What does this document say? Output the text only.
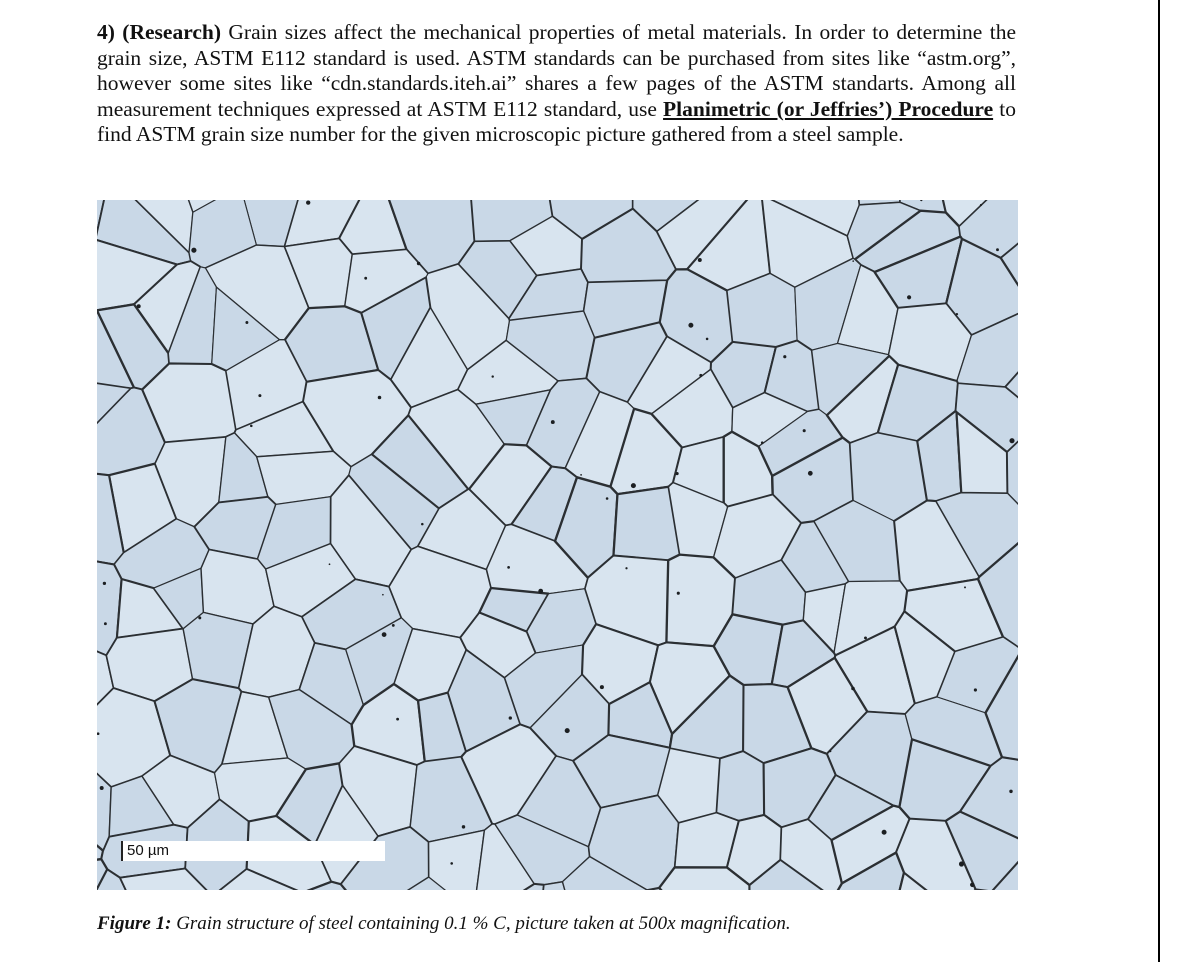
4) (Research) Grain sizes affect the mechanical properties of metal materials. In order to determine the grain size, ASTM E112 standard is used. ASTM standards can be purchased from sites like “astm.org”, however some sites like “cdn.standards.iteh.ai” shares a few pages of the ASTM standarts. Among all measurement techniques expressed at ASTM E112 standard, use Planimetric (or Jeffries’) Procedure to find ASTM grain size number for the given microscopic picture gathered from a steel sample.

50 µm

Figure 1: Grain structure of steel containing 0.1 % C, picture taken at 500x magnification.
